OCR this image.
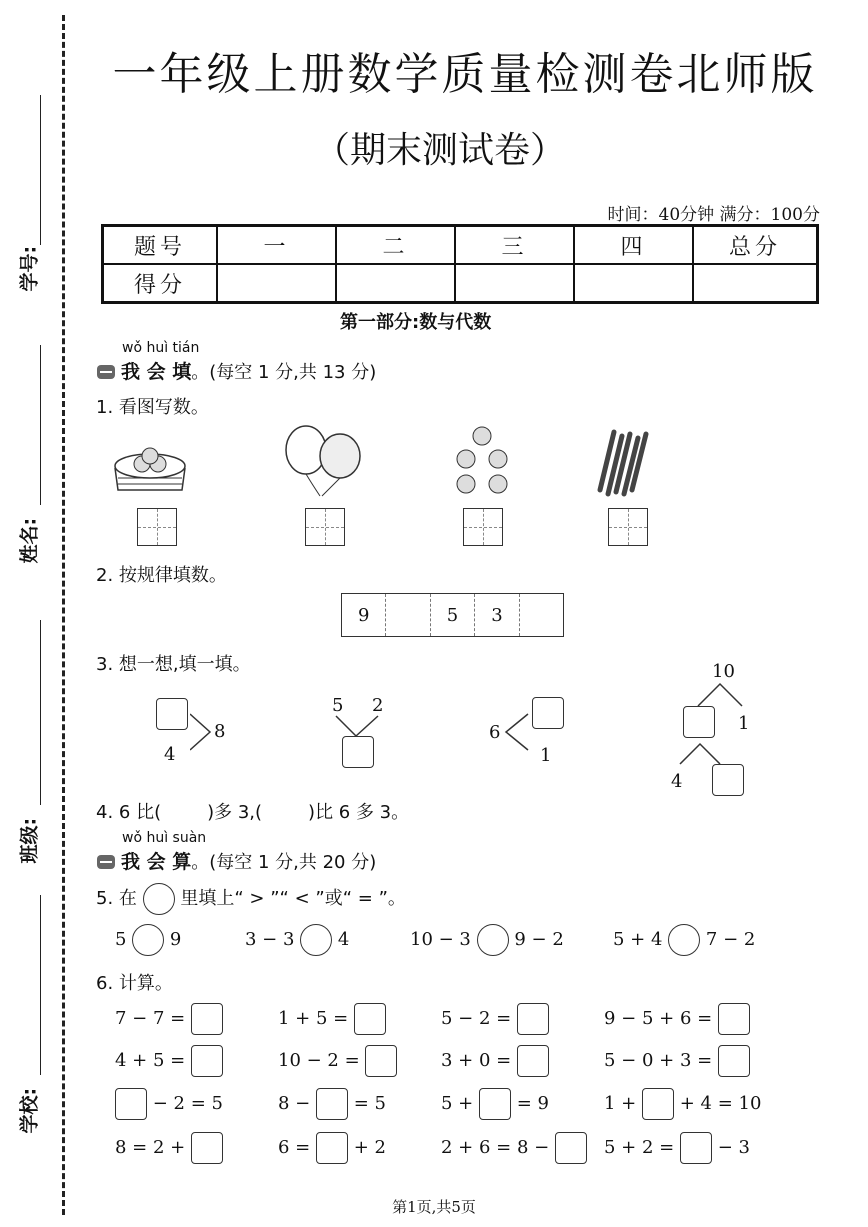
学号:
姓名:
班级:
学校:
一年级上册数学质量检测卷北师版
（期末测试卷）
时间：40分钟 满分：100分
题号	一	二	三	四	总分
得分					
第一部分:数与代数
wǒ huì tián
我 会 填。(每空 1 分,共 13 分)
1. 看图写数。
2. 按规律填数。
9	5	3
3. 想一想,填一填。
8
4
5 2
6
1
10
1
4
4. 6 比(	)多 3,(	)比 6 多 3。
wǒ huì suàn
我 会 算。(每空 1 分,共 20 分)
5. 在 里填上“ > ”“ < ”或“ = ”。
5 9	3 − 3 4	10 − 3 9 − 2	5 + 4 7 − 2
6. 计算。
7 − 7 =	1 + 5 =	5 − 2 =	9 − 5 + 6 =
4 + 5 =	10 − 2 =	3 + 0 =	5 − 0 + 3 =
− 2 = 5	8 − = 5	5 + = 9	1 + + 4 = 10
8 = 2 +	6 = + 2	2 + 6 = 8 −	5 + 2 = − 3
第1页,共5页
